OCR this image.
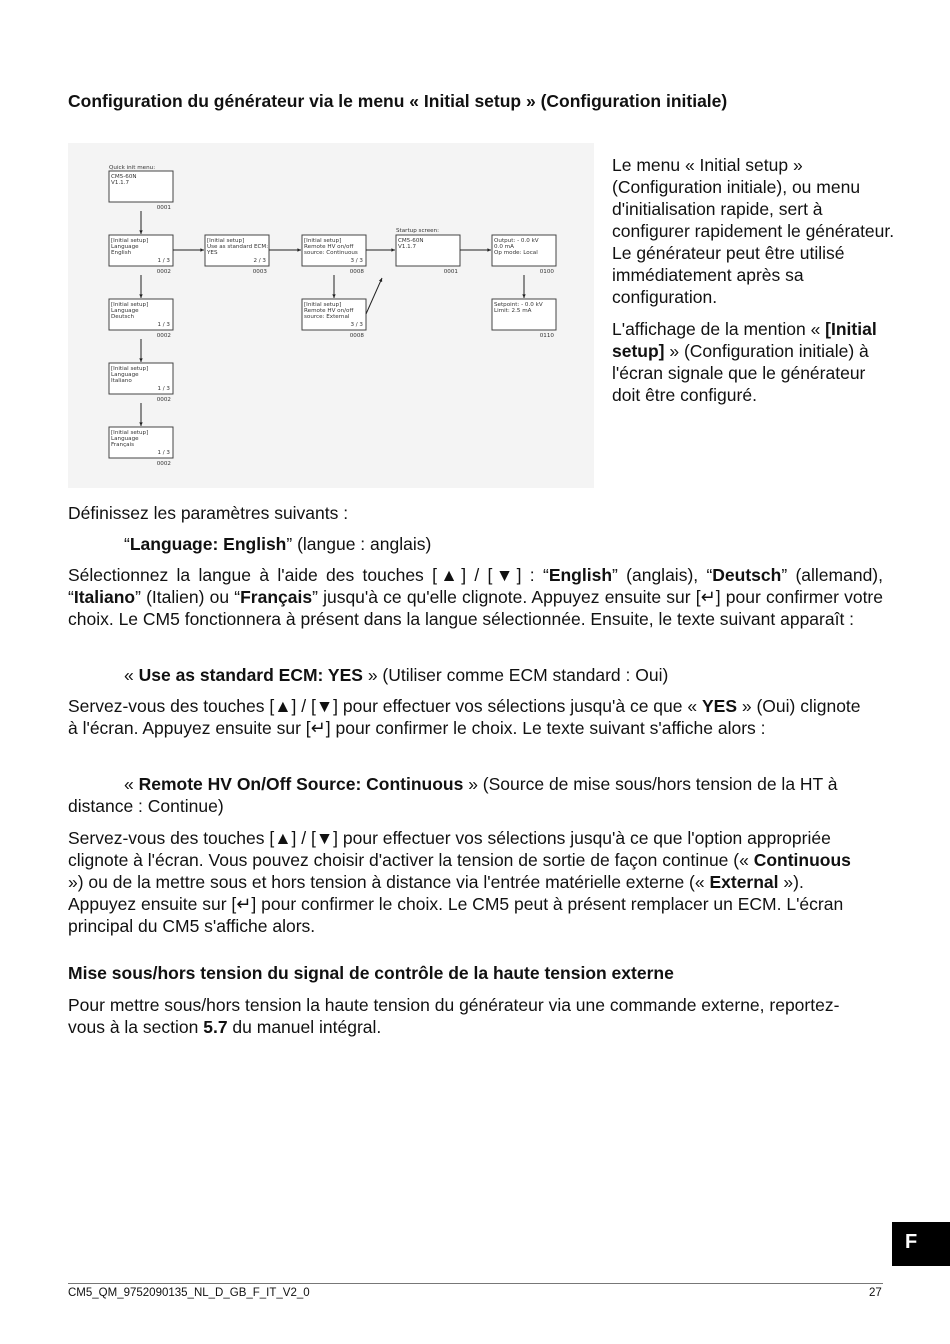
Configuration du générateur via le menu « Initial setup » (Configuration initiale)
Quick init menu:
Startup screen:
CM5-60N
V1.1.7
0001
[Initial setup]
Language
English
1 / 3
0002
[Initial setup]
Language
Deutsch
1 / 3
0002
[Initial setup]
Language
Italiano
1 / 3
0002
[Initial setup]
Language
Français
1 / 3
0002
[Initial setup]
Use as standard ECM:
YES
2 / 3
0003
[Initial setup]
Remote HV on/off
source: Continuous
3 / 3
0008
[Initial setup]
Remote HV on/off
source: External
3 / 3
0008
CM5-60N
V1.1.7
0001
Output: - 0.0 kV
0.0 mA
Op mode: Local
0100
Setpoint: - 0.0 kV
Limit: 2.5 mA
0110

Le menu « Initial setup » (Configuration initiale), ou menu d'initialisation rapide, sert à configurer rapidement le générateur. Le générateur peut être utilisé immédiatement après sa configuration.

L'affichage de la mention « [Initial setup] » (Configuration initiale) à l'écran signale que le générateur doit être configuré.

Définissez les paramètres suivants :
“Language: English” (langue : anglais)
Sélectionnez la langue à l'aide des touches [▲] / [▼] : “English” (anglais), “Deutsch” (allemand), “Italiano” (Italien) ou “Français” jusqu'à ce qu'elle clignote. Appuyez ensuite sur [↵] pour confirmer votre choix. Le CM5 fonctionnera à présent dans la langue sélectionnée. Ensuite, le texte suivant apparaît :
« Use as standard ECM: YES » (Utiliser comme ECM standard : Oui)
Servez-vous des touches [▲] / [▼] pour effectuer vos sélections jusqu'à ce que « YES » (Oui) clignote à l'écran. Appuyez ensuite sur [↵] pour confirmer le choix. Le texte suivant s'affiche alors :
« Remote HV On/Off Source: Continuous » (Source de mise sous/hors tension de la HT à distance : Continue)
Servez-vous des touches [▲] / [▼] pour effectuer vos sélections jusqu'à ce que l'option appropriée clignote à l'écran. Vous pouvez choisir d'activer la tension de sortie de façon continue (« Continuous ») ou de la mettre sous et hors tension à distance via l'entrée matérielle externe (« External »). Appuyez ensuite sur [↵] pour confirmer le choix. Le CM5 peut à présent remplacer un ECM. L'écran principal du CM5 s'affiche alors.
Mise sous/hors tension du signal de contrôle de la haute tension externe
Pour mettre sous/hors tension la haute tension du générateur via une commande externe, reportez-vous à la section 5.7 du manuel intégral.
F
CM5_QM_9752090135_NL_D_GB_F_IT_V2_0	27
